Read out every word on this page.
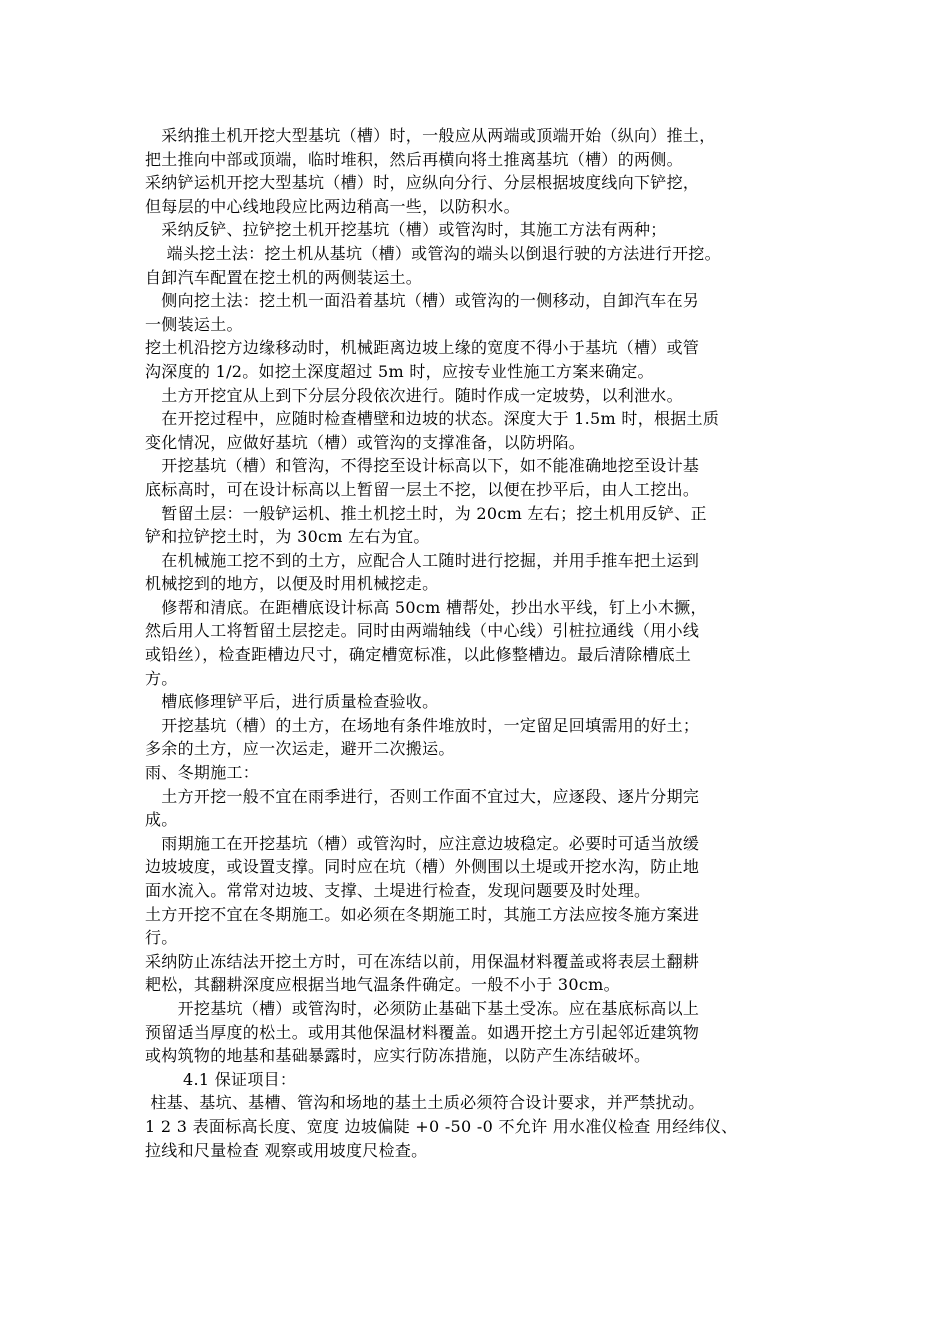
　采纳推土机开挖大型基坑（槽）时，一般应从两端或顶端开始（纵向）推土，
把土推向中部或顶端，临时堆积，然后再横向将土推离基坑（槽）的两侧。
采纳铲运机开挖大型基坑（槽）时，应纵向分行、分层根据坡度线向下铲挖，
但每层的中心线地段应比两边稍高一些，以防积水。
　采纳反铲、拉铲挖土机开挖基坑（槽）或管沟时，其施工方法有两种；
　 端头挖土法：挖土机从基坑（槽）或管沟的端头以倒退行驶的方法进行开挖。
自卸汽车配置在挖土机的两侧装运土。
　侧向挖土法：挖土机一面沿着基坑（槽）或管沟的一侧移动，自卸汽车在另
一侧装运土。
挖土机沿挖方边缘移动时，机械距离边坡上缘的宽度不得小于基坑（槽）或管
沟深度的 1/2。如挖土深度超过 5m 时，应按专业性施工方案来确定。
　土方开挖宜从上到下分层分段依次进行。随时作成一定坡势，以利泄水。
　在开挖过程中，应随时检查槽壁和边坡的状态。深度大于 1.5m 时，根据土质
变化情况，应做好基坑（槽）或管沟的支撑准备，以防坍陷。
　开挖基坑（槽）和管沟，不得挖至设计标高以下，如不能准确地挖至设计基
底标高时，可在设计标高以上暂留一层土不挖，以便在抄平后，由人工挖出。
　暂留土层：一般铲运机、推土机挖土时，为 20cm 左右；挖土机用反铲、正
铲和拉铲挖土时，为 30cm 左右为宜。
　在机械施工挖不到的土方，应配合人工随时进行挖掘，并用手推车把土运到
机械挖到的地方，以便及时用机械挖走。
　修帮和清底。在距槽底设计标高 50cm 槽帮处，抄出水平线，钉上小木撅，
然后用人工将暂留土层挖走。同时由两端轴线（中心线）引桩拉通线（用小线
或铅丝），检查距槽边尺寸，确定槽宽标准，以此修整槽边。最后清除槽底土
方。
　槽底修理铲平后，进行质量检查验收。
　开挖基坑（槽）的土方，在场地有条件堆放时，一定留足回填需用的好土；
多余的土方，应一次运走，避开二次搬运。
雨、冬期施工：
　土方开挖一般不宜在雨季进行，否则工作面不宜过大，应逐段、逐片分期完
成。
　雨期施工在开挖基坑（槽）或管沟时，应注意边坡稳定。必要时可适当放缓
边坡坡度，或设置支撑。同时应在坑（槽）外侧围以土堤或开挖水沟，防止地
面水流入。常常对边坡、支撑、土堤进行检查，发现问题要及时处理。
土方开挖不宜在冬期施工。如必须在冬期施工时，其施工方法应按冬施方案进
行。
采纳防止冻结法开挖土方时，可在冻结以前，用保温材料覆盖或将表层土翻耕
耙松，其翻耕深度应根据当地气温条件确定。一般不小于 30cm。
　　开挖基坑（槽）或管沟时，必须防止基础下基土受冻。应在基底标高以上
预留适当厚度的松土。或用其他保温材料覆盖。如遇开挖土方引起邻近建筑物
或构筑物的地基和基础暴露时，应实行防冻措施，以防产生冻结破坏。
　　 4.1 保证项目：
柱基、基坑、基槽、管沟和场地的基土土质必须符合设计要求，并严禁扰动。
1 2 3 表面标高长度、宽度 边坡偏陡 +0 -50 -0 不允许 用水准仪检查 用经纬仪、
拉线和尺量检查 观察或用坡度尺检查。
